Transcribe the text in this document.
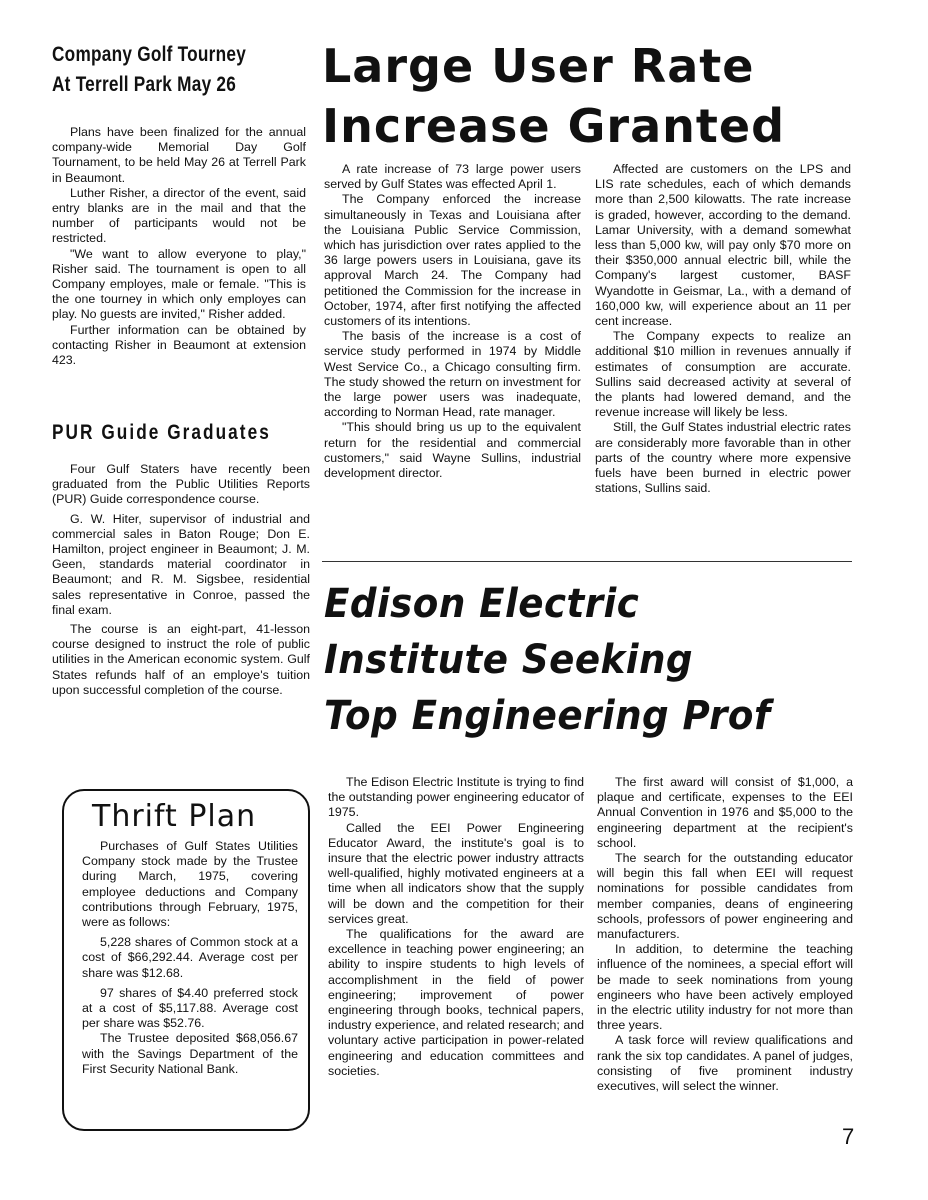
Company Golf Tourney
At Terrell Park May 26

Plans have been finalized for the annual company-wide Memorial Day Golf Tournament, to be held May 26 at Terrell Park in Beaumont.

Luther Risher, a director of the event, said entry blanks are in the mail and that the number of participants would not be restricted.

"We want to allow everyone to play," Risher said. The tournament is open to all Company employes, male or female. "This is the one tourney in which only employes can play. No guests are invited," Risher added.

Further information can be obtained by contacting Risher in Beaumont at extension 423.

PUR Guide Graduates

Four Gulf Staters have recently been graduated from the Public Utilities Reports (PUR) Guide correspondence course.

G. W. Hiter, supervisor of industrial and commercial sales in Baton Rouge; Don E. Hamilton, project engineer in Beaumont; J. M. Geen, standards material coordinator in Beaumont; and R. M. Sigsbee, residential sales representative in Conroe, passed the final exam.

The course is an eight-part, 41-lesson course designed to instruct the role of public utilities in the American economic system. Gulf States refunds half of an employe's tuition upon successful completion of the course.

Large User Rate
Increase Granted

A rate increase of 73 large power users served by Gulf States was effected April 1.

The Company enforced the increase simultaneously in Texas and Louisiana after the Louisiana Public Service Commission, which has jurisdiction over rates applied to the 36 large powers users in Louisiana, gave its approval March 24. The Company had petitioned the Commission for the increase in October, 1974, after first notifying the affected customers of its intentions.

The basis of the increase is a cost of service study performed in 1974 by Middle West Service Co., a Chicago consulting firm. The study showed the return on investment for the large power users was inadequate, according to Norman Head, rate manager.

"This should bring us up to the equivalent return for the residential and commercial customers," said Wayne Sullins, industrial development director.

Affected are customers on the LPS and LIS rate schedules, each of which demands more than 2,500 kilowatts. The rate increase is graded, however, according to the demand. Lamar University, with a demand somewhat less than 5,000 kw, will pay only $70 more on their $350,000 annual electric bill, while the Company's largest customer, BASF Wyandotte in Geismar, La., with a demand of 160,000 kw, will experience about an 11 per cent increase.

The Company expects to realize an additional $10 million in revenues annually if estimates of consumption are accurate. Sullins said decreased activity at several of the plants had lowered demand, and the revenue increase will likely be less.

Still, the Gulf States industrial electric rates are considerably more favorable than in other parts of the country where more expensive fuels have been burned in electric power stations, Sullins said.

Edison Electric
Institute Seeking
Top Engineering Prof

The Edison Electric Institute is trying to find the outstanding power engineering educator of 1975.

Called the EEI Power Engineering Educator Award, the institute's goal is to insure that the electric power industry attracts well-qualified, highly motivated engineers at a time when all indicators show that the supply will be down and the competition for their services great.

The qualifications for the award are excellence in teaching power engineering; an ability to inspire students to high levels of accomplishment in the field of power engineering; improvement of power engineering through books, technical papers, industry experience, and related research; and voluntary active participation in power-related engineering and education committees and societies.

The first award will consist of $1,000, a plaque and certificate, expenses to the EEI Annual Convention in 1976 and $5,000 to the engineering department at the recipient's school.

The search for the outstanding educator will begin this fall when EEI will request nominations for possible candidates from member companies, deans of engineering schools, professors of power engineering and manufacturers.

In addition, to determine the teaching influence of the nominees, a special effort will be made to seek nominations from young engineers who have been actively employed in the electric utility industry for not more than three years.

A task force will review qualifications and rank the six top candidates. A panel of judges, consisting of five prominent industry executives, will select the winner.

Thrift Plan

Purchases of Gulf States Utilities Company stock made by the Trustee during March, 1975, covering employee deductions and Company contributions through February, 1975, were as follows:

5,228 shares of Common stock at a cost of $66,292.44. Average cost per share was $12.68.

97 shares of $4.40 preferred stock at a cost of $5,117.88. Average cost per share was $52.76.

The Trustee deposited $68,056.67 with the Savings Department of the First Security National Bank.

7
